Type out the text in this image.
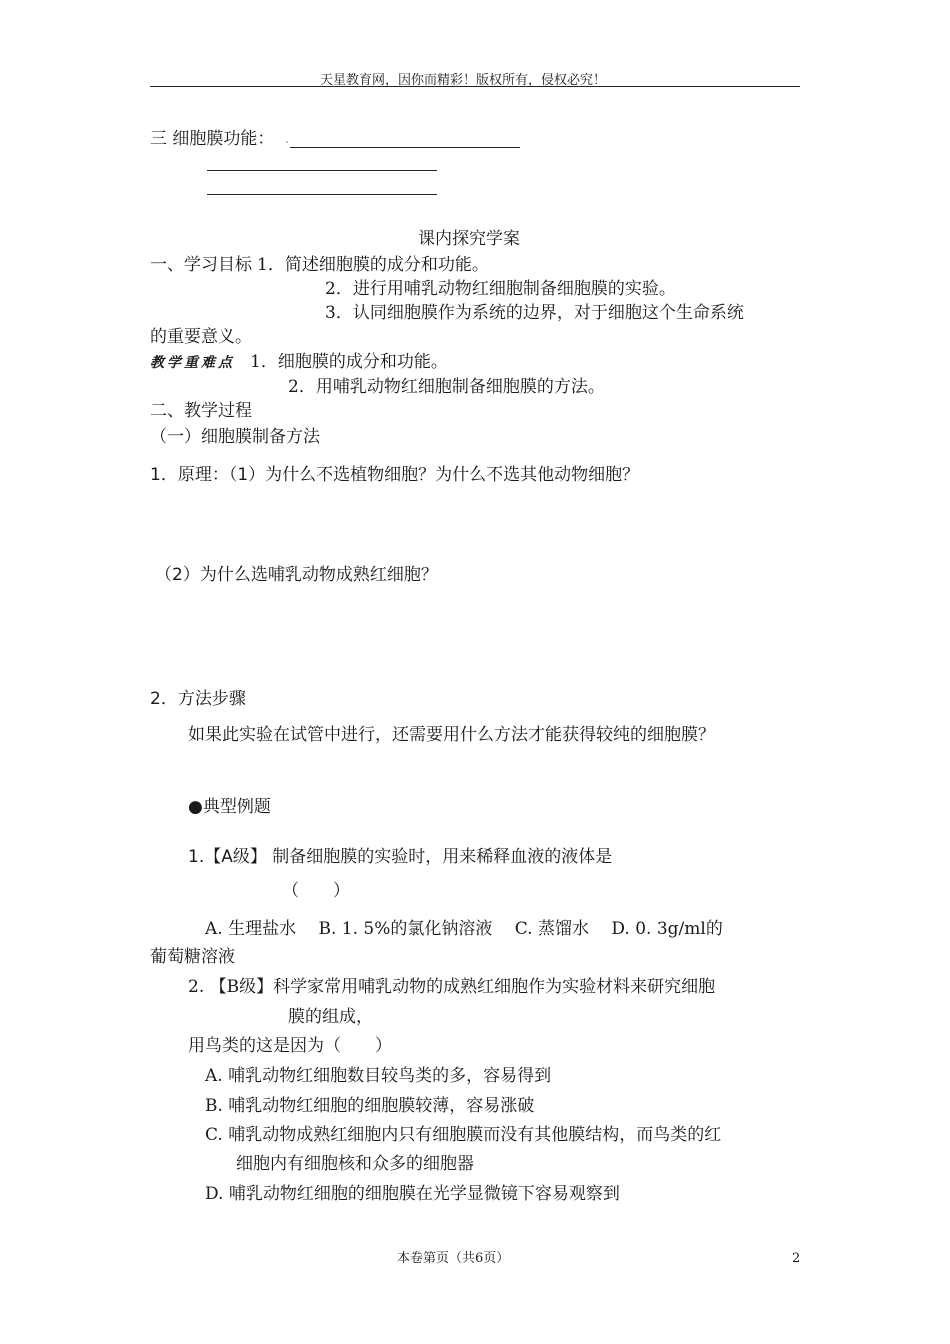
天星教育网，因你而精彩！版权所有，侵权必究！
三 细胞膜功能： .
课内探究学案
一、学习目标 1．简述细胞膜的成分和功能。
2．进行用哺乳动物红细胞制备细胞膜的实验。
3．认同细胞膜作为系统的边界，对于细胞这个生命系统
的重要意义。
教学重难点 1．细胞膜的成分和功能。
2．用哺乳动物红细胞制备细胞膜的方法。
二、教学过程
（一）细胞膜制备方法
1．原理：（1）为什么不选植物细胞？为什么不选其他动物细胞？
（2）为什么选哺乳动物成熟红细胞？
2．方法步骤
如果此实验在试管中进行，还需要用什么方法才能获得较纯的细胞膜？
●典型例题
1.【A级】 制备细胞膜的实验时，用来稀释血液的液体是
（　　）
A. 生理盐水　 B. 1. 5%的氯化钠溶液　 C. 蒸馏水　 D. 0. 3g/ml的
葡萄糖溶液
2. 【B级】科学家常用哺乳动物的成熟红细胞作为实验材料来研究细胞
膜的组成，
用鸟类的这是因为（　　）
A. 哺乳动物红细胞数目较鸟类的多，容易得到
B. 哺乳动物红细胞的细胞膜较薄，容易涨破
C. 哺乳动物成熟红细胞内只有细胞膜而没有其他膜结构，而鸟类的红
细胞内有细胞核和众多的细胞器
D. 哺乳动物红细胞的细胞膜在光学显微镜下容易观察到
本卷第页（共6页）	2
